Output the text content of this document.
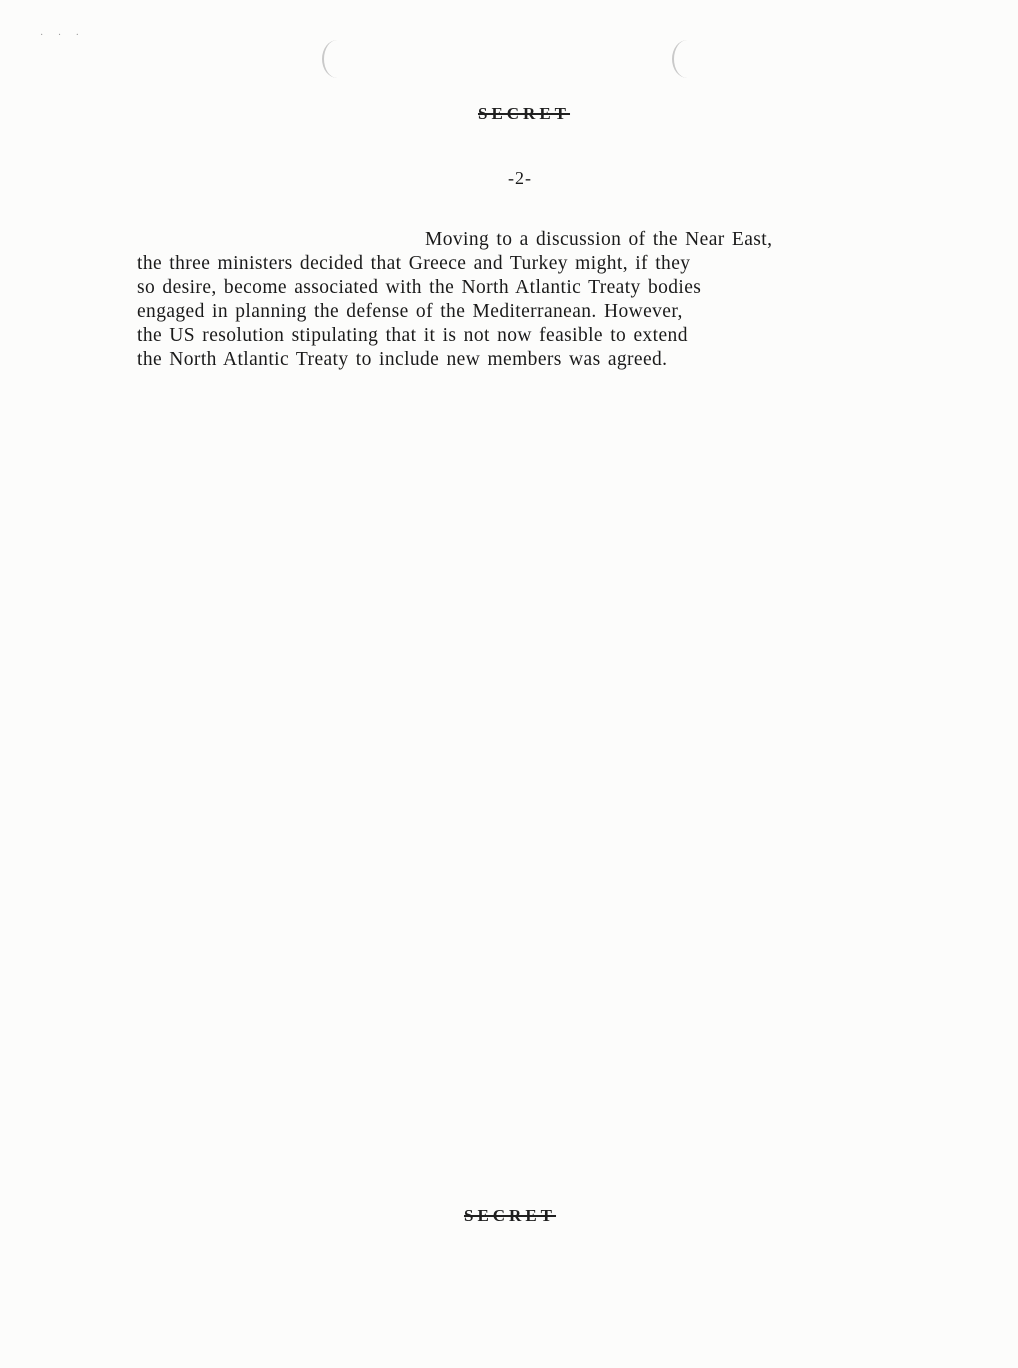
· · ·
SECRET
-2-
Moving to a discussion of the Near East,
the three ministers decided that Greece and Turkey might, if they
so desire, become associated with the North Atlantic Treaty bodies
engaged in planning the defense of the Mediterranean. However,
the US resolution stipulating that it is not now feasible to extend
the North Atlantic Treaty to include new members was agreed.
SECRET
